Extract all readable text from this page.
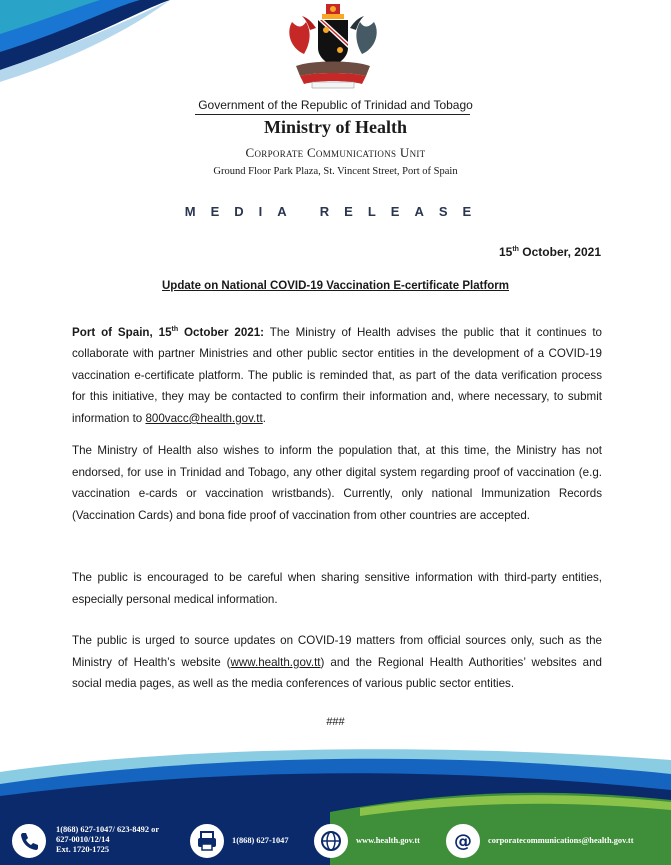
Government of the Republic of Trinidad and Tobago
Ministry of Health
Corporate Communications Unit
Ground Floor Park Plaza, St. Vincent Street, Port of Spain
MEDIA RELEASE
15th October, 2021
Update on National COVID-19 Vaccination E-certificate Platform

Port of Spain, 15th October 2021: The Ministry of Health advises the public that it continues to collaborate with partner Ministries and other public sector entities in the development of a COVID-19 vaccination e-certificate platform. The public is reminded that, as part of the data verification process for this initiative, they may be contacted to confirm their information and, where necessary, to submit information to 800vacc@health.gov.tt.

The Ministry of Health also wishes to inform the population that, at this time, the Ministry has not endorsed, for use in Trinidad and Tobago, any other digital system regarding proof of vaccination (e.g. vaccination e-cards or vaccination wristbands). Currently, only national Immunization Records (Vaccination Cards) and bona fide proof of vaccination from other countries are accepted.

The public is encouraged to be careful when sharing sensitive information with third-party entities, especially personal medical information.

The public is urged to source updates on COVID-19 matters from official sources only, such as the Ministry of Health’s website (www.health.gov.tt) and the Regional Health Authorities’ websites and social media pages, as well as the media conferences of various public sector entities.

###
1(868) 627-1047/ 623-8492 or
627-0010/12/14
Ext. 1720-1725
1(868) 627-1047	www.health.gov.tt @ corporatecommunications@health.gov.tt
